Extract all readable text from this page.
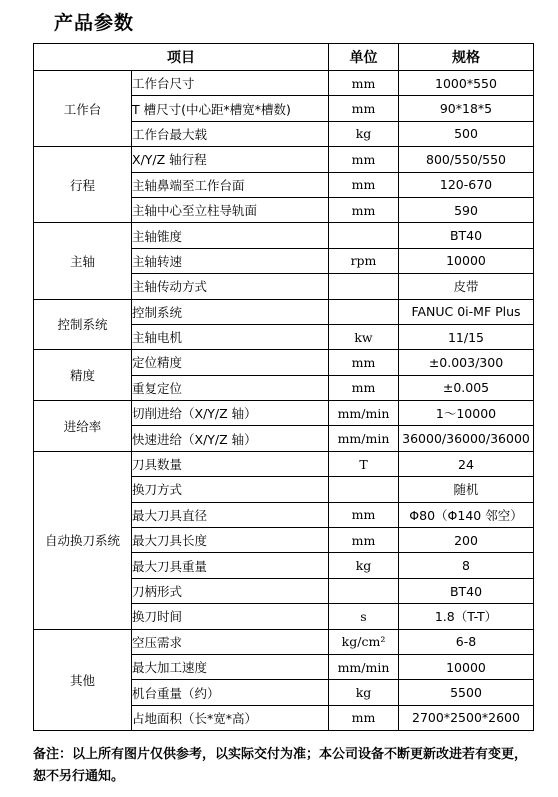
产品参数
项目		单位	规格
工作台	工作台尺寸	mm	1000*550
	T 槽尺寸(中心距*槽宽*槽数)	mm	90*18*5
	工作台最大载	kg	500
行程	X/Y/Z 轴行程	mm	800/550/550
	主轴鼻端至工作台面	mm	120-670
	主轴中心至立柱导轨面	mm	590
主轴	主轴锥度		BT40
	主轴转速	rpm	10000
	主轴传动方式		皮带
控制系统	控制系统		FANUC 0i-MF Plus
	主轴电机	kw	11/15
精度	定位精度	mm	±0.003/300
	重复定位	mm	±0.005
进给率	切削进给（X/Y/Z 轴）	mm/min	1～10000
	快速进给（X/Y/Z 轴）	mm/min	36000/36000/36000
自动换刀系统	刀具数量	T	24
	换刀方式		随机
	最大刀具直径	mm	Φ80（Φ140 邻空）
	最大刀具长度	mm	200
	最大刀具重量	kg	8
	刀柄形式		BT40
	换刀时间	s	1.8（T-T）
其他	空压需求	kg/cm²	6-8
	最大加工速度	mm/min	10000
	机台重量（约）	kg	5500
	占地面积（长*宽*高）	mm	2700*2500*2600
备注：以上所有图片仅供参考，以实际交付为准；本公司设备不断更新改进若有变更，恕不另行通知。
